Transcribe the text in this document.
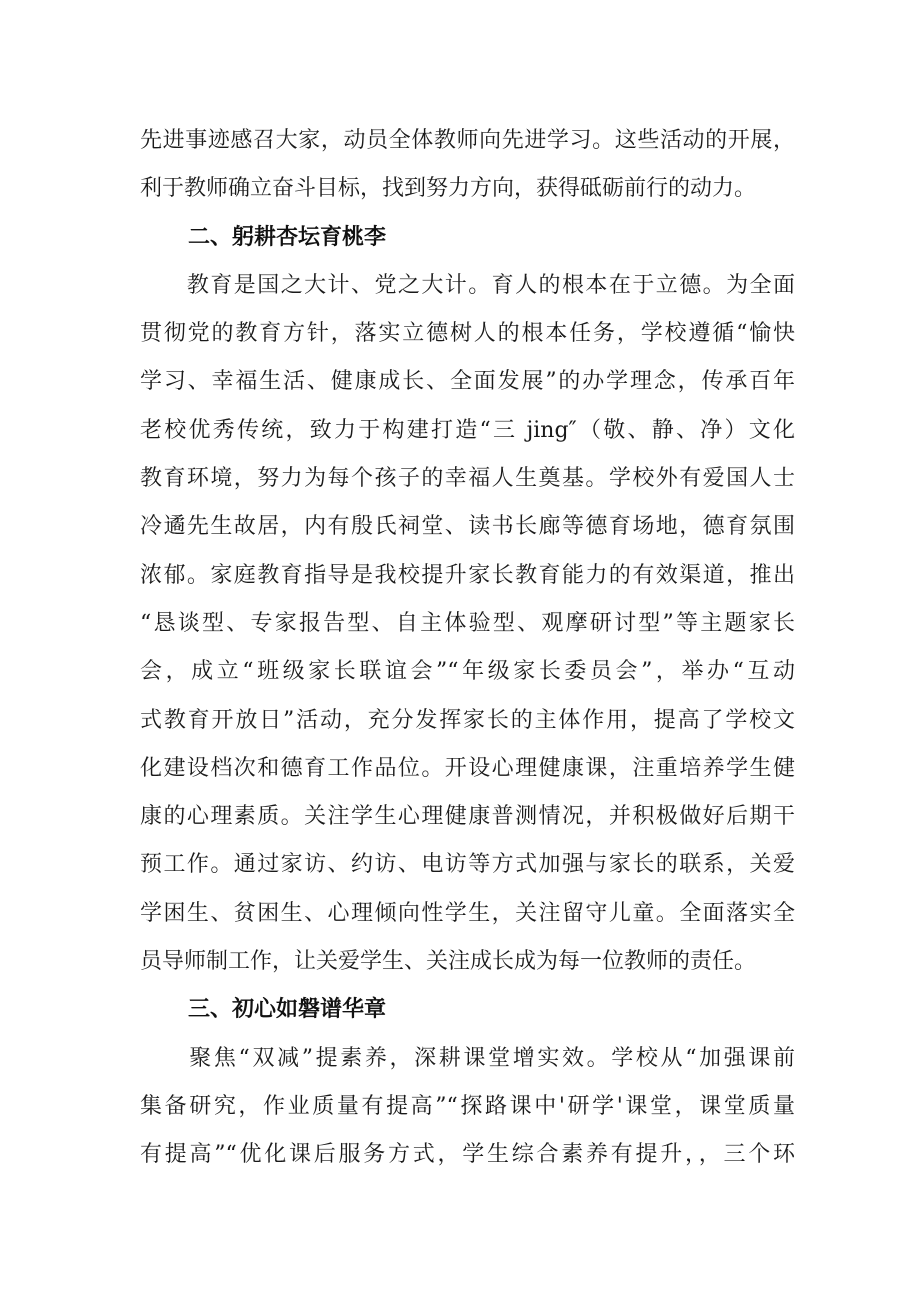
先进事迹感召大家，动员全体教师向先进学习。这些活动的开展，
利于教师确立奋斗目标，找到努力方向，获得砥砺前行的动力。
二、躬耕杏坛育桃李
　　教育是国之大计、党之大计。育人的根本在于立德。为全面
贯彻党的教育方针，落实立德树人的根本任务，学校遵循“愉快
学习、幸福生活、健康成长、全面发展”的办学理念，传承百年
老校优秀传统，致力于构建打造“三 jing″（敬、静、净）文化
教育环境，努力为每个孩子的幸福人生奠基。学校外有爱国人士
冷遹先生故居，内有殷氏祠堂、读书长廊等德育场地，德育氛围
浓郁。家庭教育指导是我校提升家长教育能力的有效渠道，推出
“恳谈型、专家报告型、自主体验型、观摩研讨型”等主题家长
会，成立“班级家长联谊会”“年级家长委员会”，举办“互动
式教育开放日”活动，充分发挥家长的主体作用，提高了学校文
化建设档次和德育工作品位。开设心理健康课，注重培养学生健
康的心理素质。关注学生心理健康普测情况，并积极做好后期干
预工作。通过家访、约访、电访等方式加强与家长的联系，关爱
学困生、贫困生、心理倾向性学生，关注留守儿童。全面落实全
员导师制工作，让关爱学生、关注成长成为每一位教师的责任。
三、初心如磐谱华章
　　聚焦“双减”提素养，深耕课堂增实效。学校从“加强课前
集备研究，作业质量有提高”“探路课中'研学'课堂，课堂质量
有提高”“优化课后服务方式，学生综合素养有提升，，三个环
